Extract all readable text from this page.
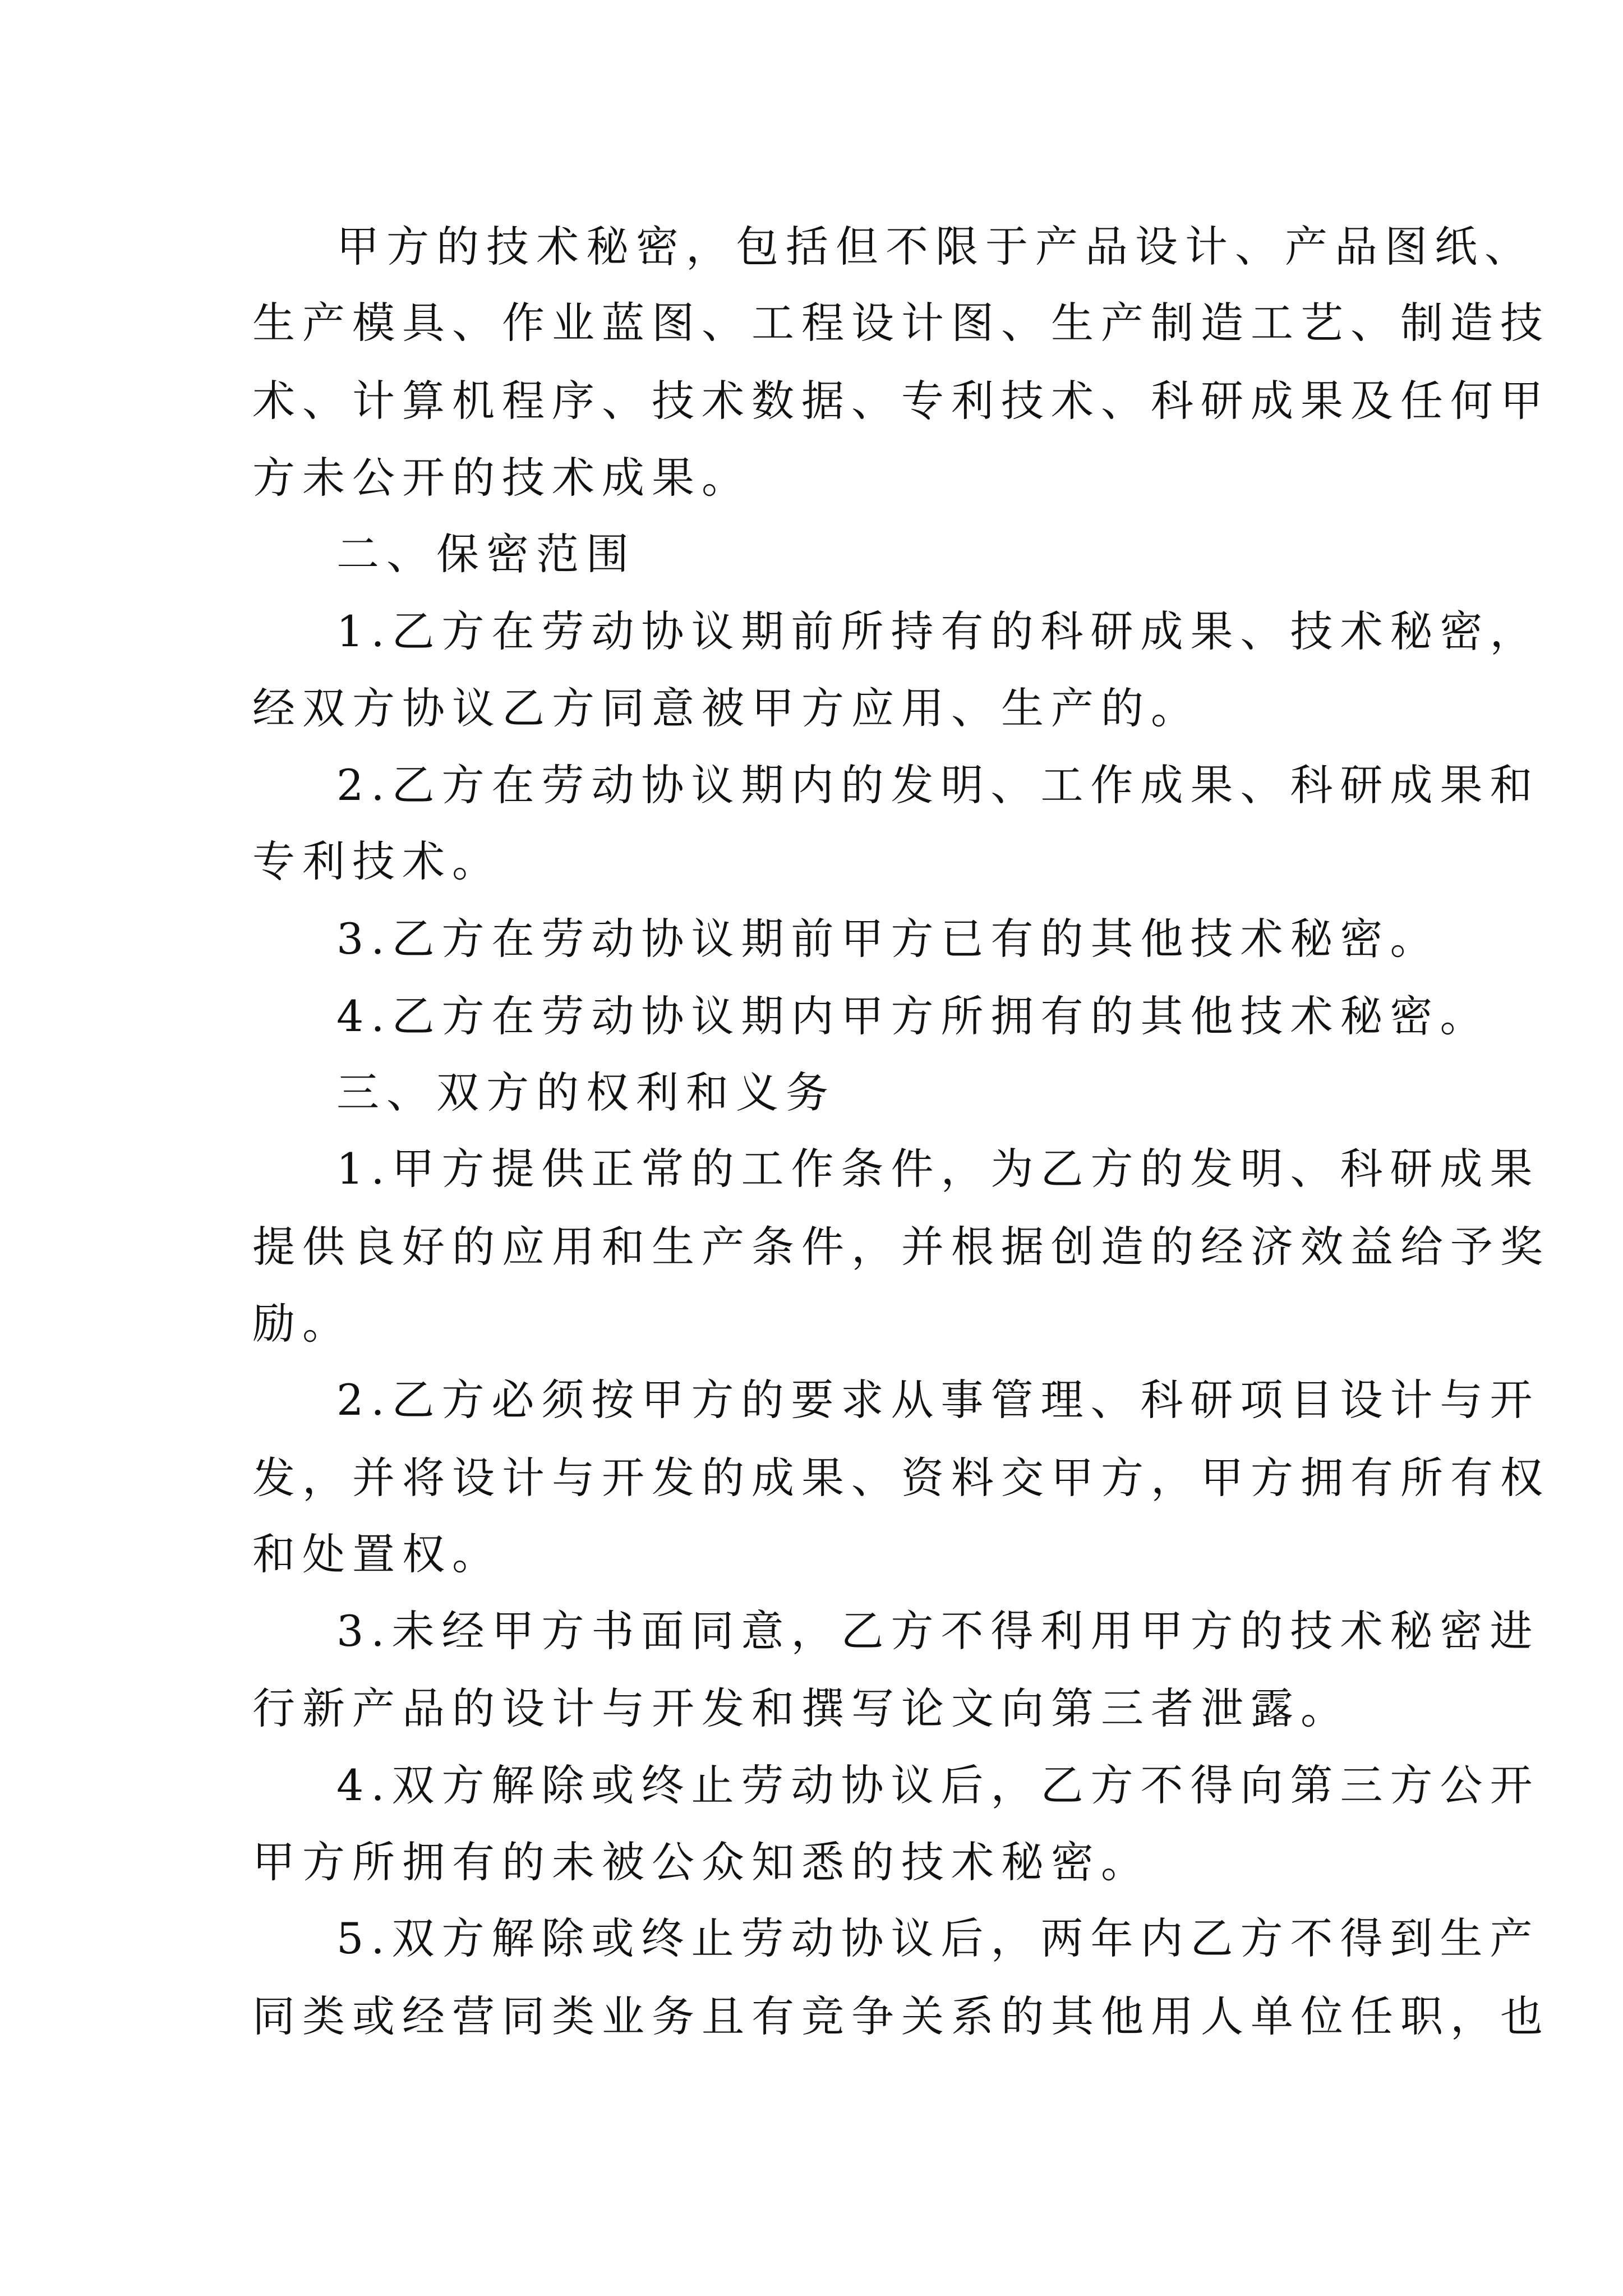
甲方的技术秘密，包括但不限于产品设计、产品图纸、

生产模具、作业蓝图、工程设计图、生产制造工艺、制造技

术、计算机程序、技术数据、专利技术、科研成果及任何甲

方未公开的技术成果。

二、保密范围

1.乙方在劳动协议期前所持有的科研成果、技术秘密，

经双方协议乙方同意被甲方应用、生产的。

2.乙方在劳动协议期内的发明、工作成果、科研成果和

专利技术。

3.乙方在劳动协议期前甲方已有的其他技术秘密。

4.乙方在劳动协议期内甲方所拥有的其他技术秘密。

三、双方的权利和义务

1.甲方提供正常的工作条件，为乙方的发明、科研成果

提供良好的应用和生产条件，并根据创造的经济效益给予奖

励。

2.乙方必须按甲方的要求从事管理、科研项目设计与开

发，并将设计与开发的成果、资料交甲方，甲方拥有所有权

和处置权。

3.未经甲方书面同意，乙方不得利用甲方的技术秘密进

行新产品的设计与开发和撰写论文向第三者泄露。

4.双方解除或终止劳动协议后，乙方不得向第三方公开

甲方所拥有的未被公众知悉的技术秘密。

5.双方解除或终止劳动协议后，两年内乙方不得到生产

同类或经营同类业务且有竞争关系的其他用人单位任职，也
